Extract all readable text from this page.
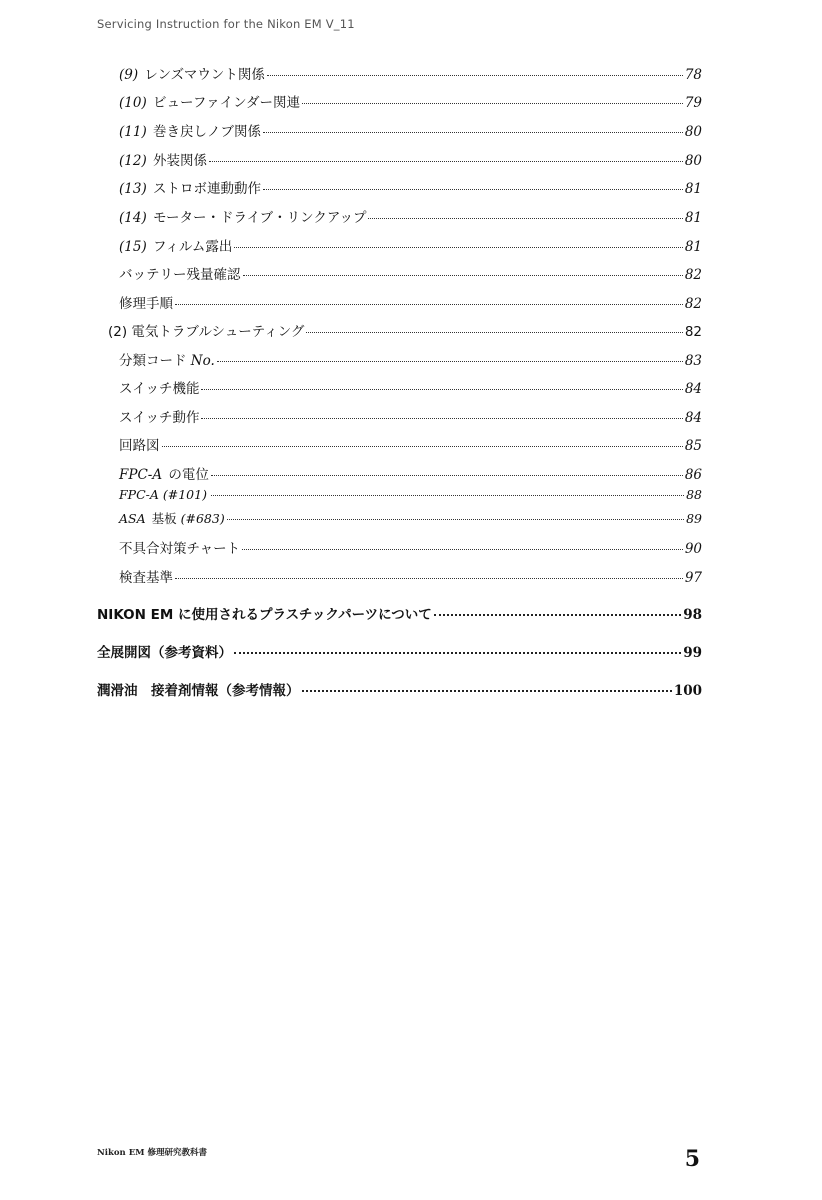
Servicing Instruction for the Nikon EM V_11
(9) レンズマウント関係	78
(10) ビューファインダー関連	79
(11) 巻き戻しノブ関係	80
(12) 外装関係	80
(13) ストロボ連動動作	81
(14) モーター・ドライブ・リンクアップ	81
(15) フィルム露出	81
バッテリー残量確認	82
修理手順	82
(2) 電気トラブルシューティング	82
分類コード No.	83
スイッチ機能	84
スイッチ動作	84
回路図	85
FPC-A の電位	86
FPC-A (#101)	88
ASA 基板 (#683)	89
不具合対策チャート	90
検査基準	97
NIKON EM に使用されるプラスチックパーツについて	98
全展開図（参考資料）	99
潤滑油　接着剤情報（参考情報）	100
Nikon EM 修理研究教科書	5
